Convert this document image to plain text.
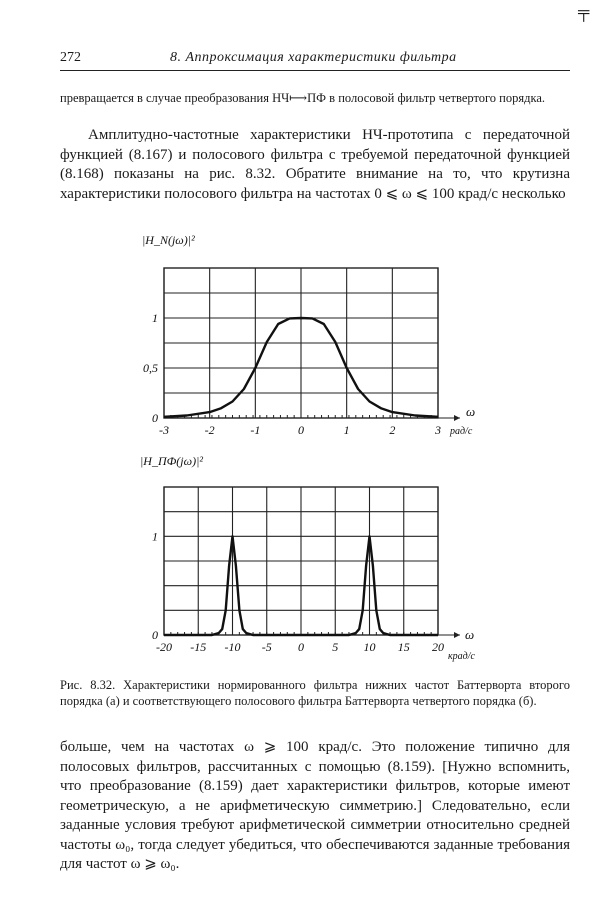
╤
272	8. Аппроксимация характеристики фильтра
превращается в случае преобразования НЧ⟼ПФ в полосовой фильтр четвертого порядка.

Амплитудно-частотные характеристики НЧ-прототипа с передаточной функцией (8.167) и полосового фильтра с требуемой передаточной функцией (8.168) показаны на рис. 8.32. Обратите внимание на то, что крутизна характеристики полосового фильтра на частотах 0 ⩽ ω ⩽ 100 крад/с несколько

|H_N(jω)|²
ω
рад/с
-3	-2	-1	0	1	2	3
0
0,5
1
|H_ПФ(jω)|²
ω
крад/с
-20 -15 -10 -5 0 5 10 15 20
0
1
Рис. 8.32. Характеристики нормированного фильтра нижних частот Баттерворта второго порядка (а) и соответствующего полосового фильтра Баттерворта четвертого порядка (б).

больше, чем на частотах ω ⩾ 100 крад/с. Это положение типично для полосовых фильтров, рассчитанных с помощью (8.159). [Нужно вспомнить, что преобразование (8.159) дает характеристики фильтров, которые имеют геометрическую, а не арифметическую симметрию.] Следовательно, если заданные условия требуют арифметической симметрии относительно средней частоты ω₀, тогда следует убедиться, что обеспечиваются заданные требования для частот ω ⩾ ω₀.
